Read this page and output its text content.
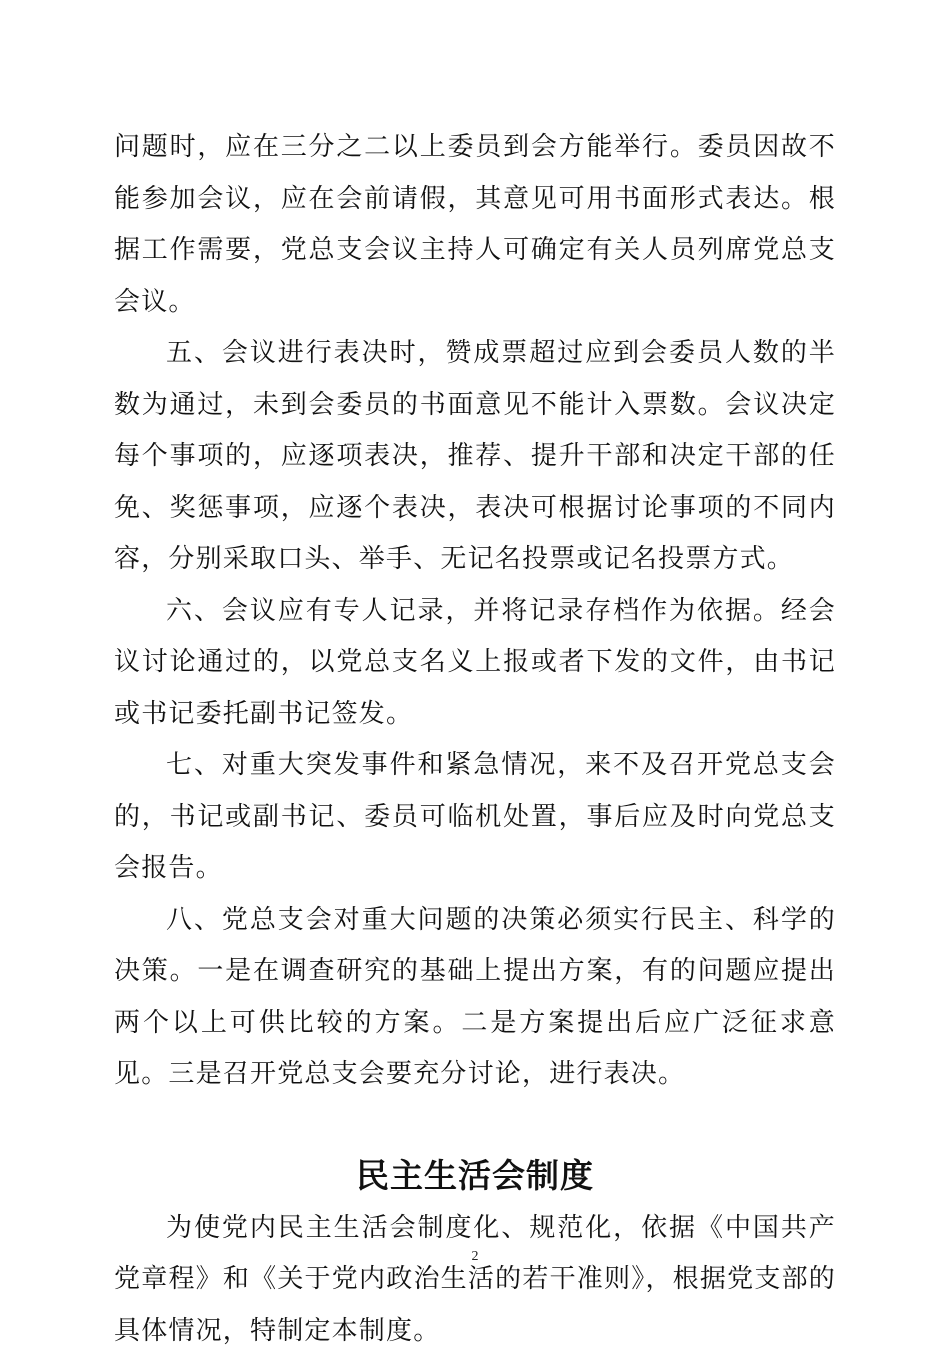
问题时，应在三分之二以上委员到会方能举行。委员因故不能参加会议，应在会前请假，其意见可用书面形式表达。根据工作需要，党总支会议主持人可确定有关人员列席党总支会议。

五、会议进行表决时，赞成票超过应到会委员人数的半数为通过，未到会委员的书面意见不能计入票数。会议决定每个事项的，应逐项表决，推荐、提升干部和决定干部的任免、奖惩事项，应逐个表决，表决可根据讨论事项的不同内容，分别采取口头、举手、无记名投票或记名投票方式。

六、会议应有专人记录，并将记录存档作为依据。经会议讨论通过的，以党总支名义上报或者下发的文件，由书记或书记委托副书记签发。

七、对重大突发事件和紧急情况，来不及召开党总支会的，书记或副书记、委员可临机处置，事后应及时向党总支会报告。

八、党总支会对重大问题的决策必须实行民主、科学的决策。一是在调查研究的基础上提出方案，有的问题应提出两个以上可供比较的方案。二是方案提出后应广泛征求意见。三是召开党总支会要充分讨论，进行表决。

民主生活会制度

为使党内民主生活会制度化、规范化，依据《中国共产党章程》和《关于党内政治生活的若干准则》，根据党支部的具体情况，特制定本制度。

2
